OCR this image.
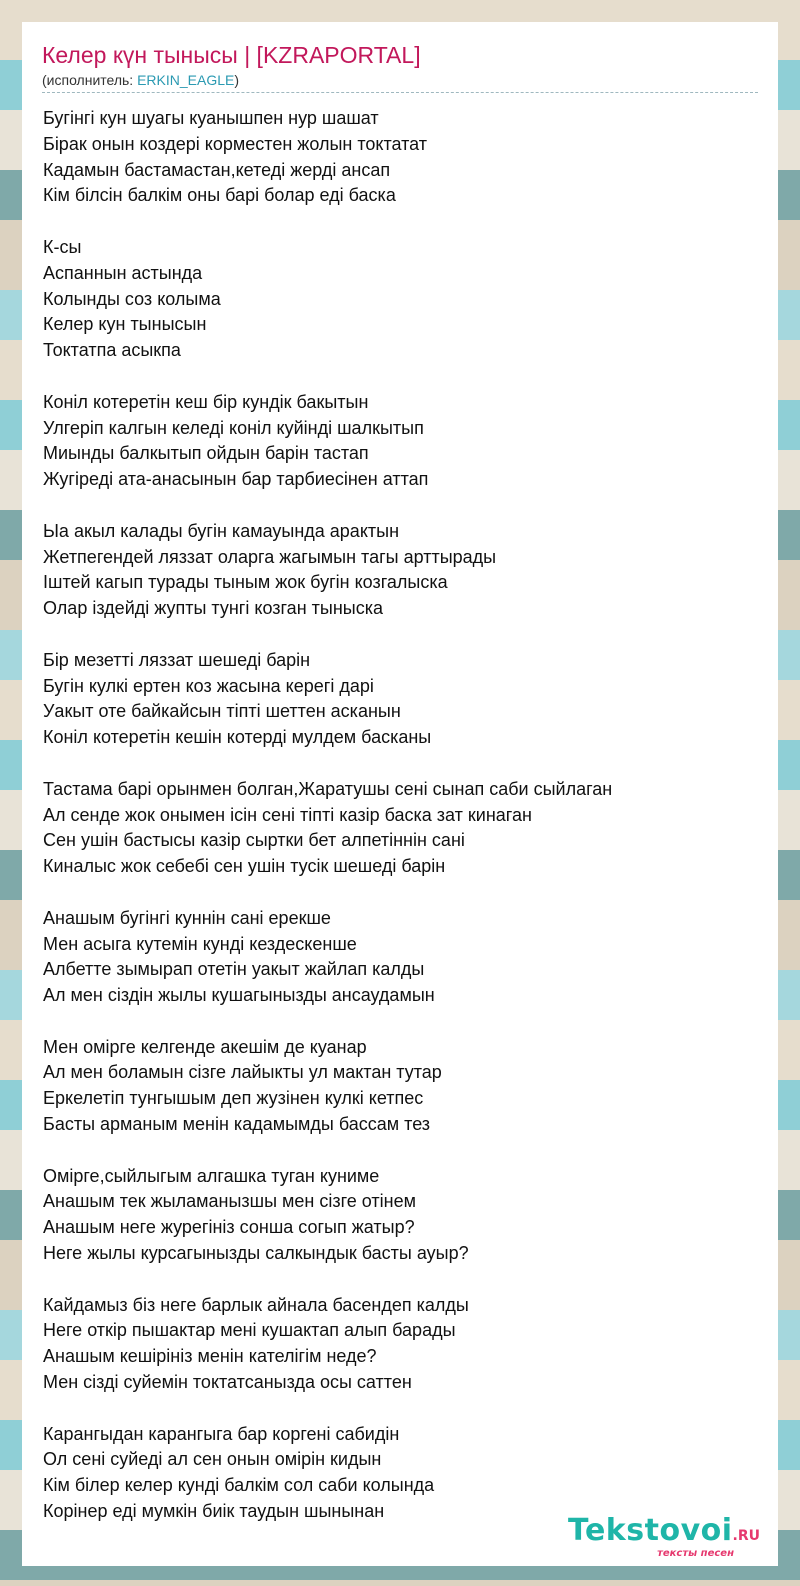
Келер күн тынысы | [KZRAPORTAL]
(исполнитель: ERKIN_EAGLE)
Бугiнгi кун шуагы куанышпен нур шашат
Бiрак онын коздерi корместен жолын токтатат
Кадамын бастамастан,кетедi жердi ансап
Кiм бiлсiн балкiм оны барi болар едi баска
К-сы
Аспаннын астында
Колынды соз колыма
Келер кун тынысын
Токтатпа асыкпа
Конiл котеретiн кеш бiр кундiк бакытын
Улгерiп калгын келедi конiл куйiндi шалкытып
Миынды балкытып ойдын барiн тастап
Жугiредi ата-анасынын бар тарбиесiнен аттап
Ыа акыл калады бугiн камауында арактын
Жетпегендей ляззат оларга жагымын тагы арттырады
Iштей кагып турады тыным жок бугiн козгалыска
Олар iздейдi жупты тунгi козган тыныска
Бiр мезеттi ляззат шешедi барiн
Бугiн кулкi ертен коз жасына керегi дарi
Уакыт оте байкайсын тiптi шеттен асканын
Конiл котеретiн кешiн котердi мулдем басканы
Тастама барi орынмен болган,Жаратушы сенi сынап саби сыйлаган
Ал сенде жок онымен iсiн сенi тiптi казiр баска зат кинаган
Сен ушiн бастысы казiр сыртки бет алпетiннiн санi
Киналыс жок себебi сен ушiн тусiк шешедi барiн
Анашым бугiнгi куннiн санi ерекше
Мен асыга кутемiн кундi кездескенше
Албетте зымырап отетiн уакыт жайлап калды
Ал мен сiздiн жылы кушагынызды ансаудамын
Мен омiрге келгенде акешiм де куанар
Ал мен боламын сiзге лайыкты ул мактан тутар
Еркелетiп тунгышым деп жузiнен кулкi кетпес
Басты арманым менiн кадамымды бассам тез
Омiрге,сыйлыгым алгашка туган куниме
Анашым тек жыламанызшы мен сiзге отiнем
Анашым неге журегiнiз сонша согып жатыр?
Неге жылы курсагынызды салкындык басты ауыр?
Кайдамыз бiз неге барлык айнала басендеп калды
Неге откiр пышактар менi кушактап алып барады
Анашым кешiрiнiз менiн кателiгiм неде?
Мен сiздi суйемiн токтатсанызда осы саттен
Карангыдан карангыга бар коргенi сабидiн
Ол сенi суйедi ал сен онын омiрiн кидын
Кiм бiлер келер кундi балкiм сол саби колында
Корiнер едi мумкiн биiк таудын шынынан
Tekstovoi.RU
тексты песен
